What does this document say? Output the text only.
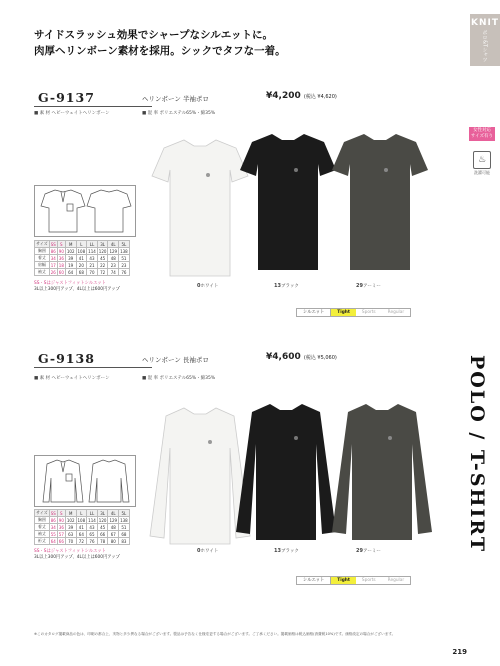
サイドスラッシュ効果でシャープなシルエットに。
肉厚ヘリンボーン素材を採用。シックでタフな一着。
KNIT
ポロ&Tシャツ
女性対応
サイズ有り
♨
洗濯可能
POLO / T-SHIRT
G-9137	ヘリンボーン 半袖ポロ	¥4,200 (税込 ¥4,620)
■ 素 材 ヘビーウェイトヘリンボーン	■ 混 率 ポリエステル65%・綿35%
サイズ	SS	S	M	L	LL	3L	4L	5L
胸囲	86	90	102	108	114	120	129	138
着丈	34	36	39	41	43	45	48	51
肩幅	17	18	19	20	21	22	23	23
袖丈	26	60	64	68	70	72	74	76
SS・Sはジャストフィットシルエット
3L以上300円アップ、4L以上は600円アップ
0ホワイト	13ブラック	29アーミー
シルエット	Tight	Sports	Regular
G-9138	ヘリンボーン 長袖ポロ	¥4,600 (税込 ¥5,060)
■ 素 材 ヘビーウェイトヘリンボーン	■ 混 率 ポリエステル65%・綿35%
サイズ	SS	S	M	L	LL	3L	4L	5L
胸囲	86	90	102	108	114	120	129	138
着丈	34	36	39	41	43	45	48	51
袖丈	55	57	63	64	65	66	67	68
裄丈	64	66	70	72	76	78	80	83
SS・Sはジャストフィットシルエット
3L以上300円アップ、4L以上は600円アップ
0ホワイト	13ブラック	29アーミー
シルエット	Tight	Sports	Regular
※このカタログ掲載商品の色は、印刷の都合上、実物と多少異なる場合がございます。製品は予告なく仕様変更する場合がございます。ご了承ください。掲載価格は税込価格(消費税10%)です。価格改定の場合がございます。
219
